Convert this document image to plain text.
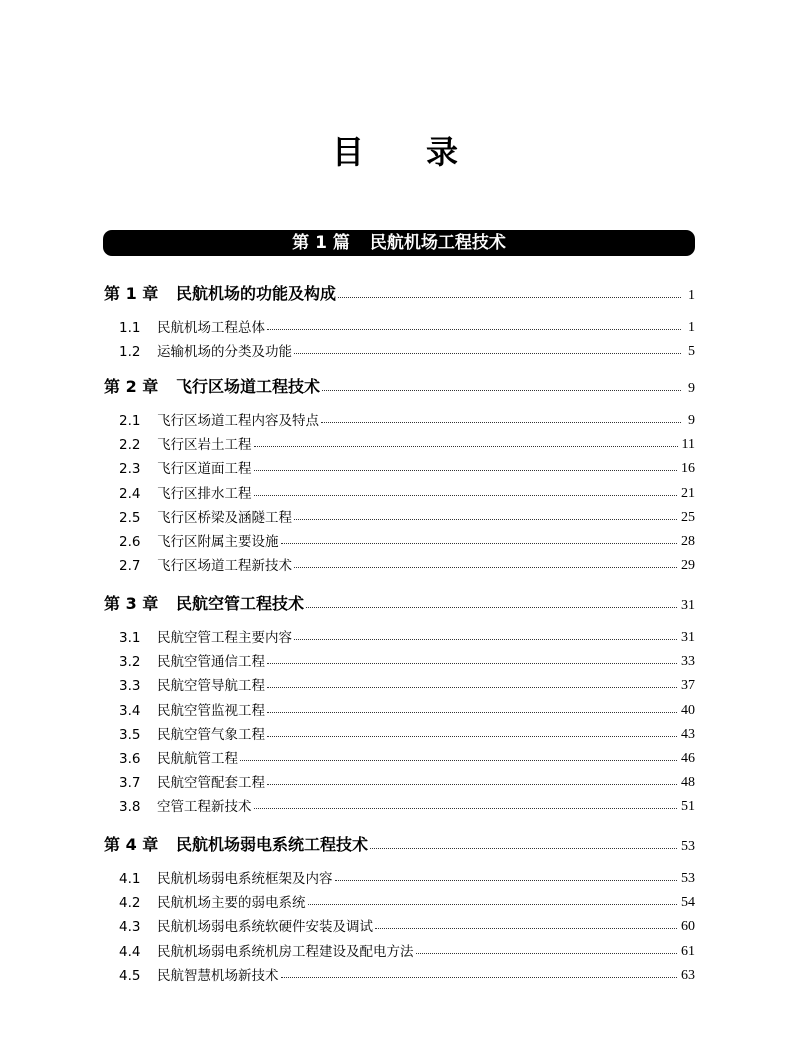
目 录
第 1 篇 民航机场工程技术
第 1 章	民航机场的功能及构成	1
1.1	民航机场工程总体	1
1.2	运输机场的分类及功能	5
第 2 章	飞行区场道工程技术	9
2.1	飞行区场道工程内容及特点	9
2.2	飞行区岩土工程	11
2.3	飞行区道面工程	16
2.4	飞行区排水工程	21
2.5	飞行区桥梁及涵隧工程	25
2.6	飞行区附属主要设施	28
2.7	飞行区场道工程新技术	29
第 3 章	民航空管工程技术	31
3.1	民航空管工程主要内容	31
3.2	民航空管通信工程	33
3.3	民航空管导航工程	37
3.4	民航空管监视工程	40
3.5	民航空管气象工程	43
3.6	民航航管工程	46
3.7	民航空管配套工程	48
3.8	空管工程新技术	51
第 4 章	民航机场弱电系统工程技术	53
4.1	民航机场弱电系统框架及内容	53
4.2	民航机场主要的弱电系统	54
4.3	民航机场弱电系统软硬件安装及调试	60
4.4	民航机场弱电系统机房工程建设及配电方法	61
4.5	民航智慧机场新技术	63
